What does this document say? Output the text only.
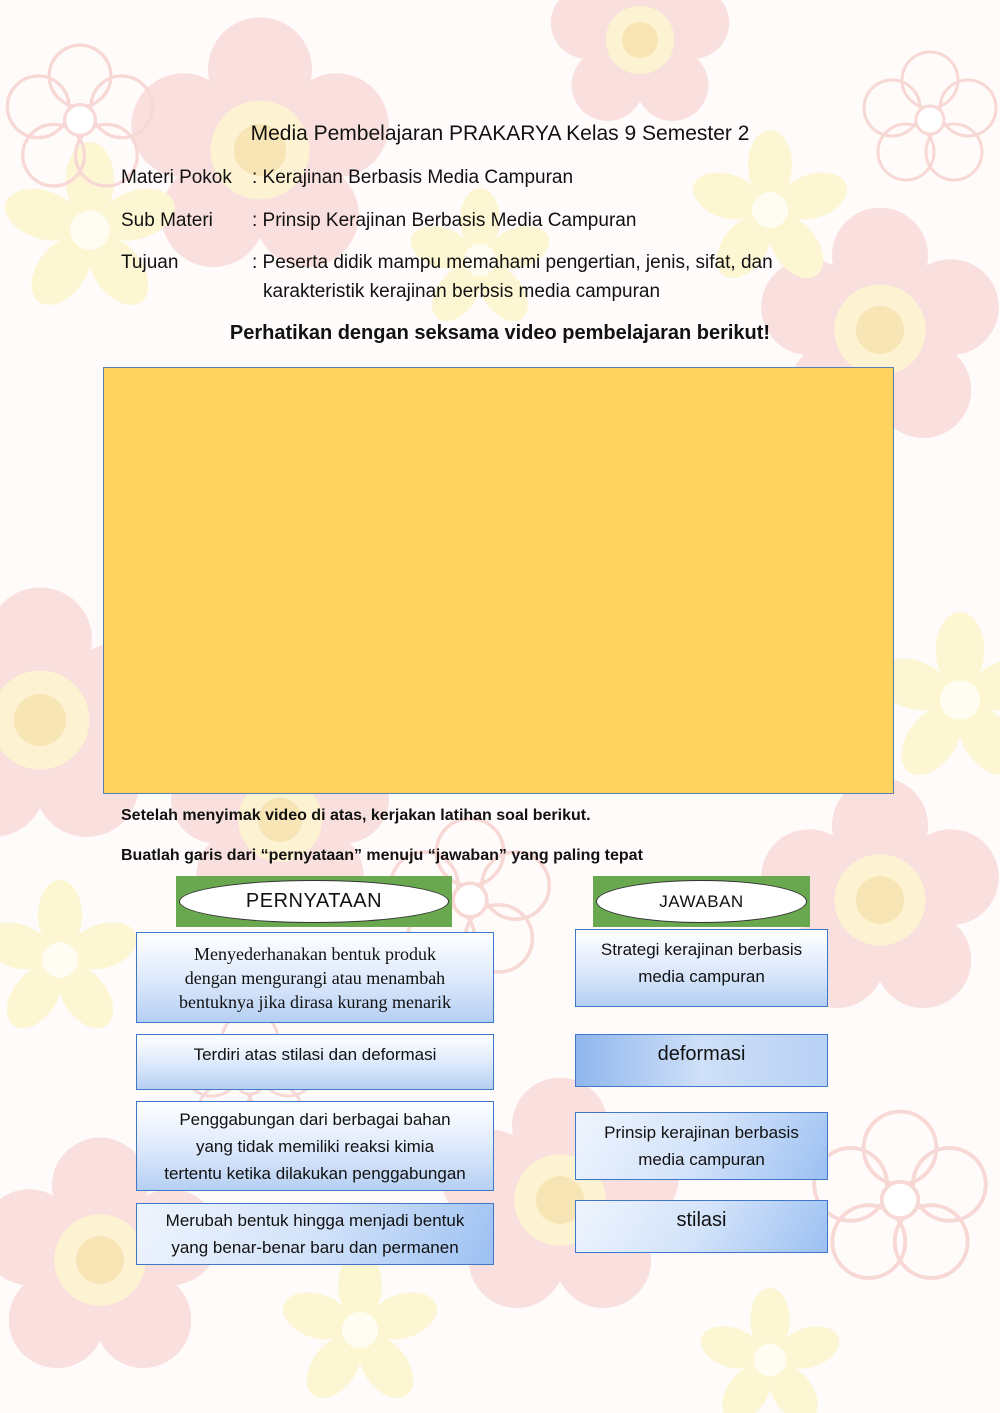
Media Pembelajaran PRAKARYA Kelas 9 Semester 2
Materi Pokok : Kerajinan Berbasis Media Campuran
Sub Materi : Prinsip Kerajinan Berbasis Media Campuran
Tujuan	: Peserta didik mampu memahami pengertian, jenis, sifat, dan
karakteristik kerajinan berbsis media campuran
Perhatikan dengan seksama video pembelajaran berikut!
Setelah menyimak video di atas, kerjakan latihan soal berikut.
Buatlah garis dari “pernyataan” menuju “jawaban” yang paling tepat
PERNYATAAN	JAWABAN
Menyederhanakan bentuk produk
dengan mengurangi atau menambah
bentuknya jika dirasa kurang menarik
Terdiri atas stilasi dan deformasi
Penggabungan dari berbagai bahan
yang tidak memiliki reaksi kimia
tertentu ketika dilakukan penggabungan
Merubah bentuk hingga menjadi bentuk
yang benar-benar baru dan permanen
Strategi kerajinan berbasis
media campuran
deformasi
Prinsip kerajinan berbasis
media campuran
stilasi
